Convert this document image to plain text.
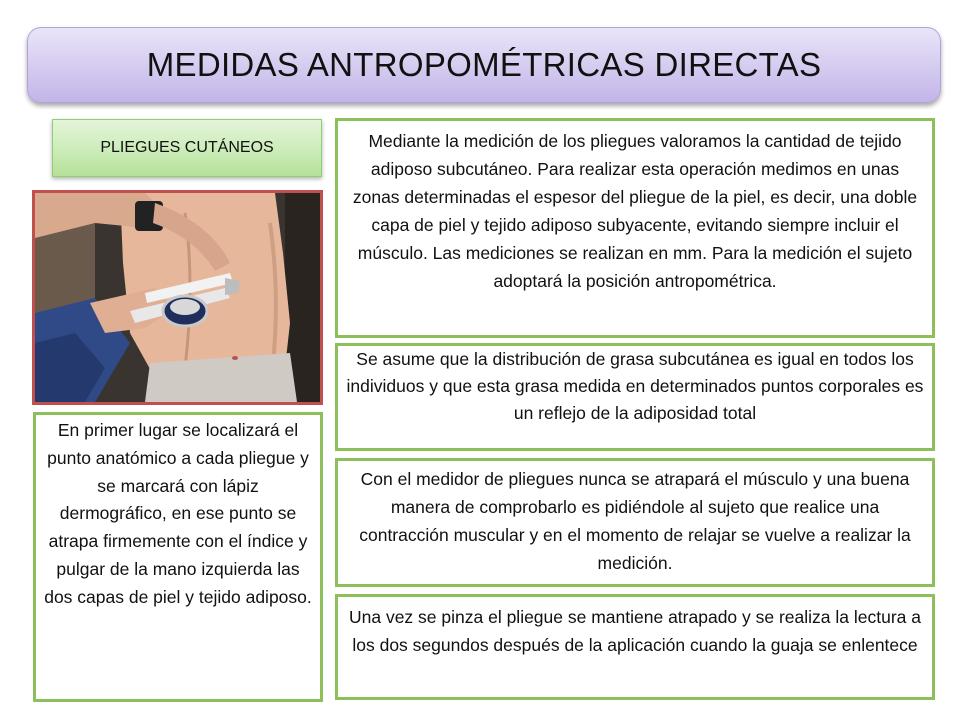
MEDIDAS ANTROPOMÉTRICAS DIRECTAS
PLIEGUES CUTÁNEOS	Mediante la medición de los pliegues valoramos la cantidad de tejido adiposo subcutáneo. Para realizar esta operación medimos en unas zonas determinadas el espesor del pliegue de la piel, es decir, una doble capa de piel y tejido adiposo subyacente, evitando siempre incluir el músculo. Las mediciones se realizan en mm. Para la medición el sujeto adoptará la posición antropométrica.
Se asume que la distribución de grasa subcutánea es igual en todos los individuos y que esta grasa medida en determinados puntos corporales es un reflejo de la adiposidad total
Con el medidor de pliegues nunca se atrapará el músculo y una buena manera de comprobarlo es pidiéndole al sujeto que realice una contracción muscular y en el momento de relajar se vuelve a realizar la medición.
Una vez se pinza el pliegue se mantiene atrapado y se realiza la lectura a los dos segundos después de la aplicación cuando la guaja se enlentece
En primer lugar se localizará el punto anatómico a cada pliegue y se marcará con lápiz dermográfico, en ese punto se atrapa firmemente con el índice y pulgar de la mano izquierda las dos capas de piel y tejido adiposo.
